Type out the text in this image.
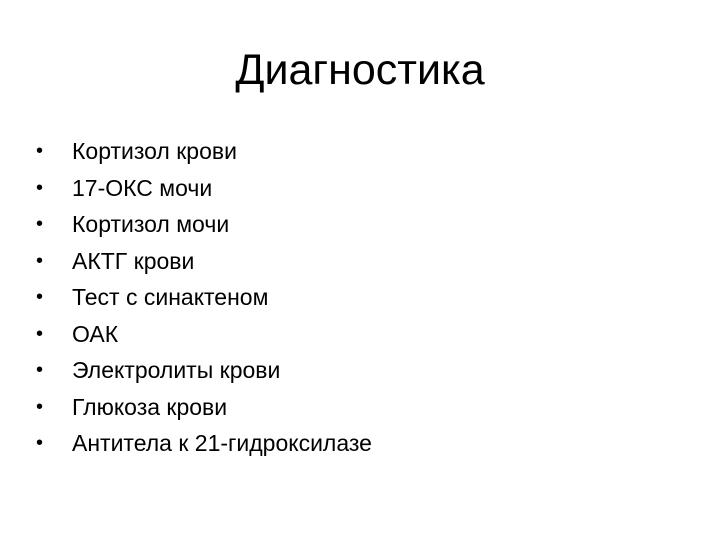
Диагностика
•	Кортизол крови
•	17-ОКС мочи
•	Кортизол мочи
•	АКТГ крови
•	Тест с синактеном
•	ОАК
•	Электролиты крови
•	Глюкоза крови
•	Антитела к 21-гидроксилазе
